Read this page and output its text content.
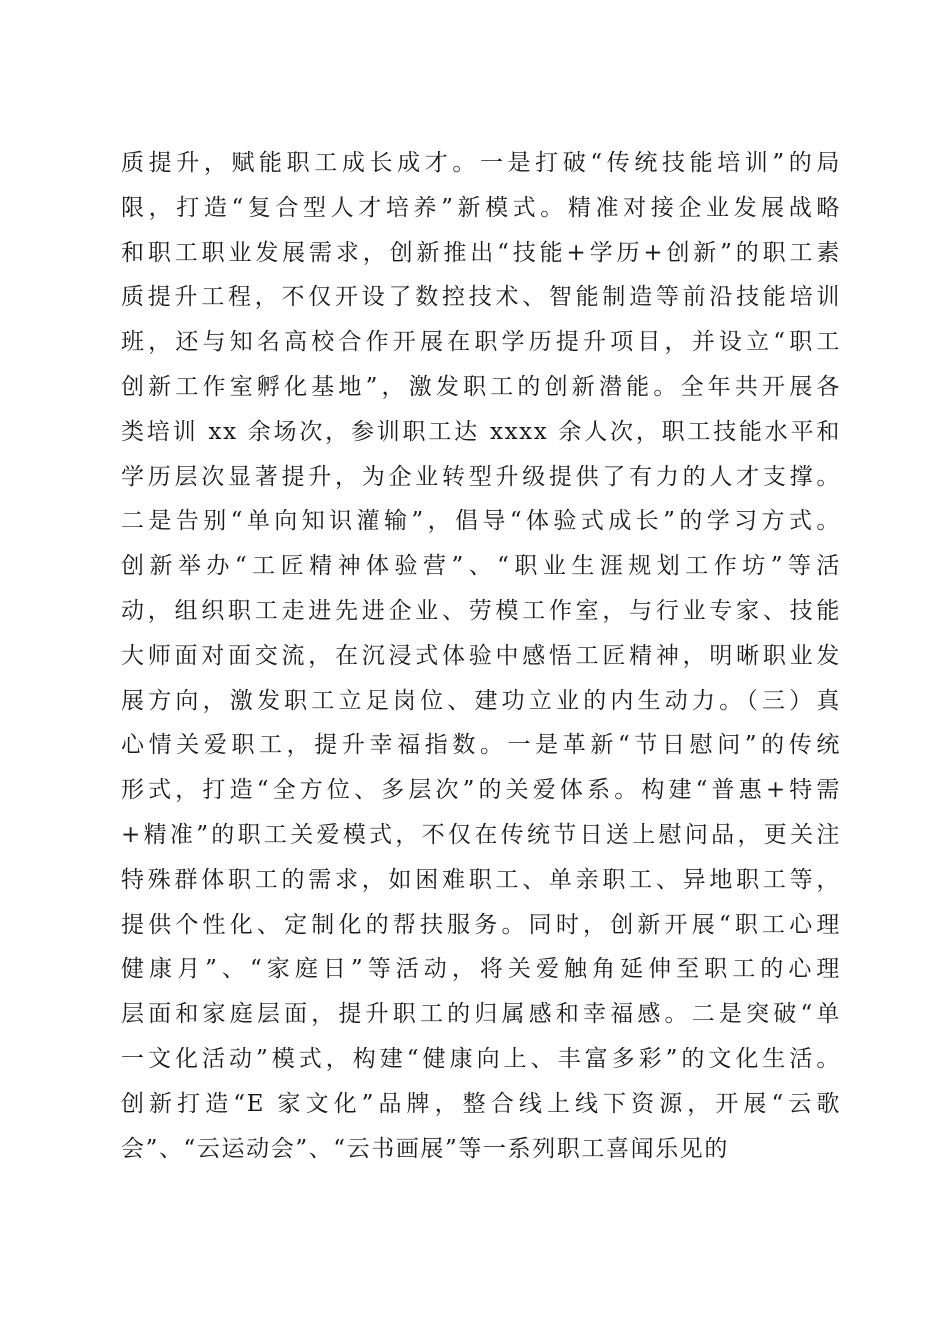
质提升，赋能职工成长成才。一是打破“传统技能培训”的局
限，打造“复合型人才培养”新模式。精准对接企业发展战略
和职工职业发展需求，创新推出“技能+学历+创新”的职工素
质提升工程，不仅开设了数控技术、智能制造等前沿技能培训
班，还与知名高校合作开展在职学历提升项目，并设立“职工
创新工作室孵化基地”，激发职工的创新潜能。全年共开展各
类培训 xx 余场次，参训职工达 xxxx 余人次，职工技能水平和
学历层次显著提升，为企业转型升级提供了有力的人才支撑。
二是告别“单向知识灌输”，倡导“体验式成长”的学习方式。
创新举办“工匠精神体验营”、“职业生涯规划工作坊”等活
动，组织职工走进先进企业、劳模工作室，与行业专家、技能
大师面对面交流，在沉浸式体验中感悟工匠精神，明晰职业发
展方向，激发职工立足岗位、建功立业的内生动力。（三）真
心情关爱职工，提升幸福指数。一是革新“节日慰问”的传统
形式，打造“全方位、多层次”的关爱体系。构建“普惠+特需
+精准”的职工关爱模式，不仅在传统节日送上慰问品，更关注
特殊群体职工的需求，如困难职工、单亲职工、异地职工等，
提供个性化、定制化的帮扶服务。同时，创新开展“职工心理
健康月”、“家庭日”等活动，将关爱触角延伸至职工的心理
层面和家庭层面，提升职工的归属感和幸福感。二是突破“单
一文化活动”模式，构建“健康向上、丰富多彩”的文化生活。
创新打造“E 家文化”品牌，整合线上线下资源，开展“云歌
会”、“云运动会”、“云书画展”等一系列职工喜闻乐见的
